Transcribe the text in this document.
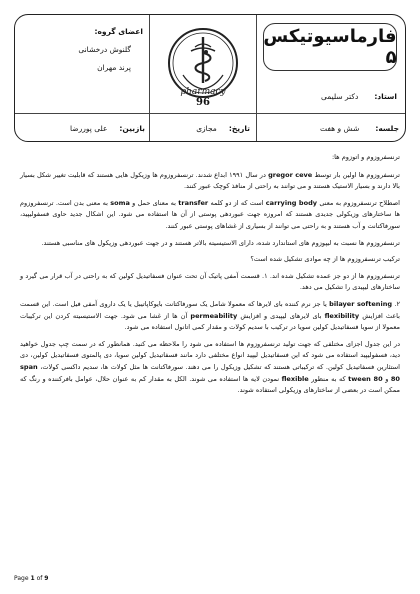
فارماسیوتیکس ۵
استاد:
دکتر سلیمی
جلسه:
شش و هفت
pharmacy
96
تاریخ:
مجازی
اعضای گروه:
گلنوش درخشانی
پرند مهران
بازبین:
علی پوررضا

ترنسفروزوم و اتوزوم ها:

ترنسفروزوم ها اولین بار توسط gregor ceve در سال ۱۹۹۱ ابداع شدند. ترنسفروزوم ها وزیکول هایی هستند که قابلیت تغییر شکل بسیار بالا دارند و بسیار الاستیک هستند و می توانند به راحتی از منافذ کوچک عبور کنند.

اصطلاح ترنسفروزوم به معنی carrying body است که از دو کلمه transfer به معنای حمل و soma به معنی بدن است. ترنسفروزوم ها ساختارهای وزیکولی جدیدی هستند که امروزه جهت عبوردهی پوستی از آن ها استفاده می شود. این اشکال جدید حاوی فسفولیپید، سورفاکتانت و آب هستند و به راحتی می توانند از بسیاری از غشاهای پوستی عبور کنند.

ترنسفروزوم ها نسبت به لیپوزوم های استاندارد شده، دارای الاستیسیته بالاتر هستند و در جهت عبوردهی وزیکول های مناسبی هستند.

ترکیب ترنسفروزوم ها از چه موادی تشکیل شده است؟

ترنسفروزوم ها از دو جز عمده تشکیل شده اند. ۱. قسمت آمفی پاتیک آن تحت عنوان فسفاتیدیل کولین که به راحتی در آب قرار می گیرد و ساختارهای لیپیدی را تشکیل می دهد.

۲. bilayer softening یا جز نرم کننده بای لایرها که معمولا شامل یک سورفاکتانت بایوکاپاتیبل یا یک داروی آمفی فیل است. این قسمت باعث افزایش flexibility بای لایرهای لیپیدی و افزایش permeability آن ها از غشا می شود. جهت الاستیسیته کردن این ترکیبات معمولا از سویا فسفاتیدیل کولین سویا در ترکیب با سدیم کولات و مقدار کمی اتانول استفاده می شود.

در این جدول اجزای مختلفی که جهت تولید ترنسفروزوم ها استفاده می شود را ملاحظه می کنید. همانطور که در سمت چپ جدول خواهید دید، فسفولیپید استفاده می شود که این فسفاتیدیل لیپید انواع مختلفی دارد مانند فسفاتیدیل کولین سویا، دی پالمتوی فسفاتیدیل کولین، دی استئارین فسفاتیدیل کولین. که ترکیباتی هستند که تشکیل وزیکول را می دهند. سورفاکتانت ها مثل کولات ها، سدیم داکسی کولات، span 80 و tween 80 که به منظور flexible نمودن لایه ها استفاده می شوند. الکل به مقدار کم به عنوان حلال، عوامل بافرکننده و رنگ که ممکن است در بعضی از ساختارهای وزیکولی استفاده شوند.

Page 1 of 9
